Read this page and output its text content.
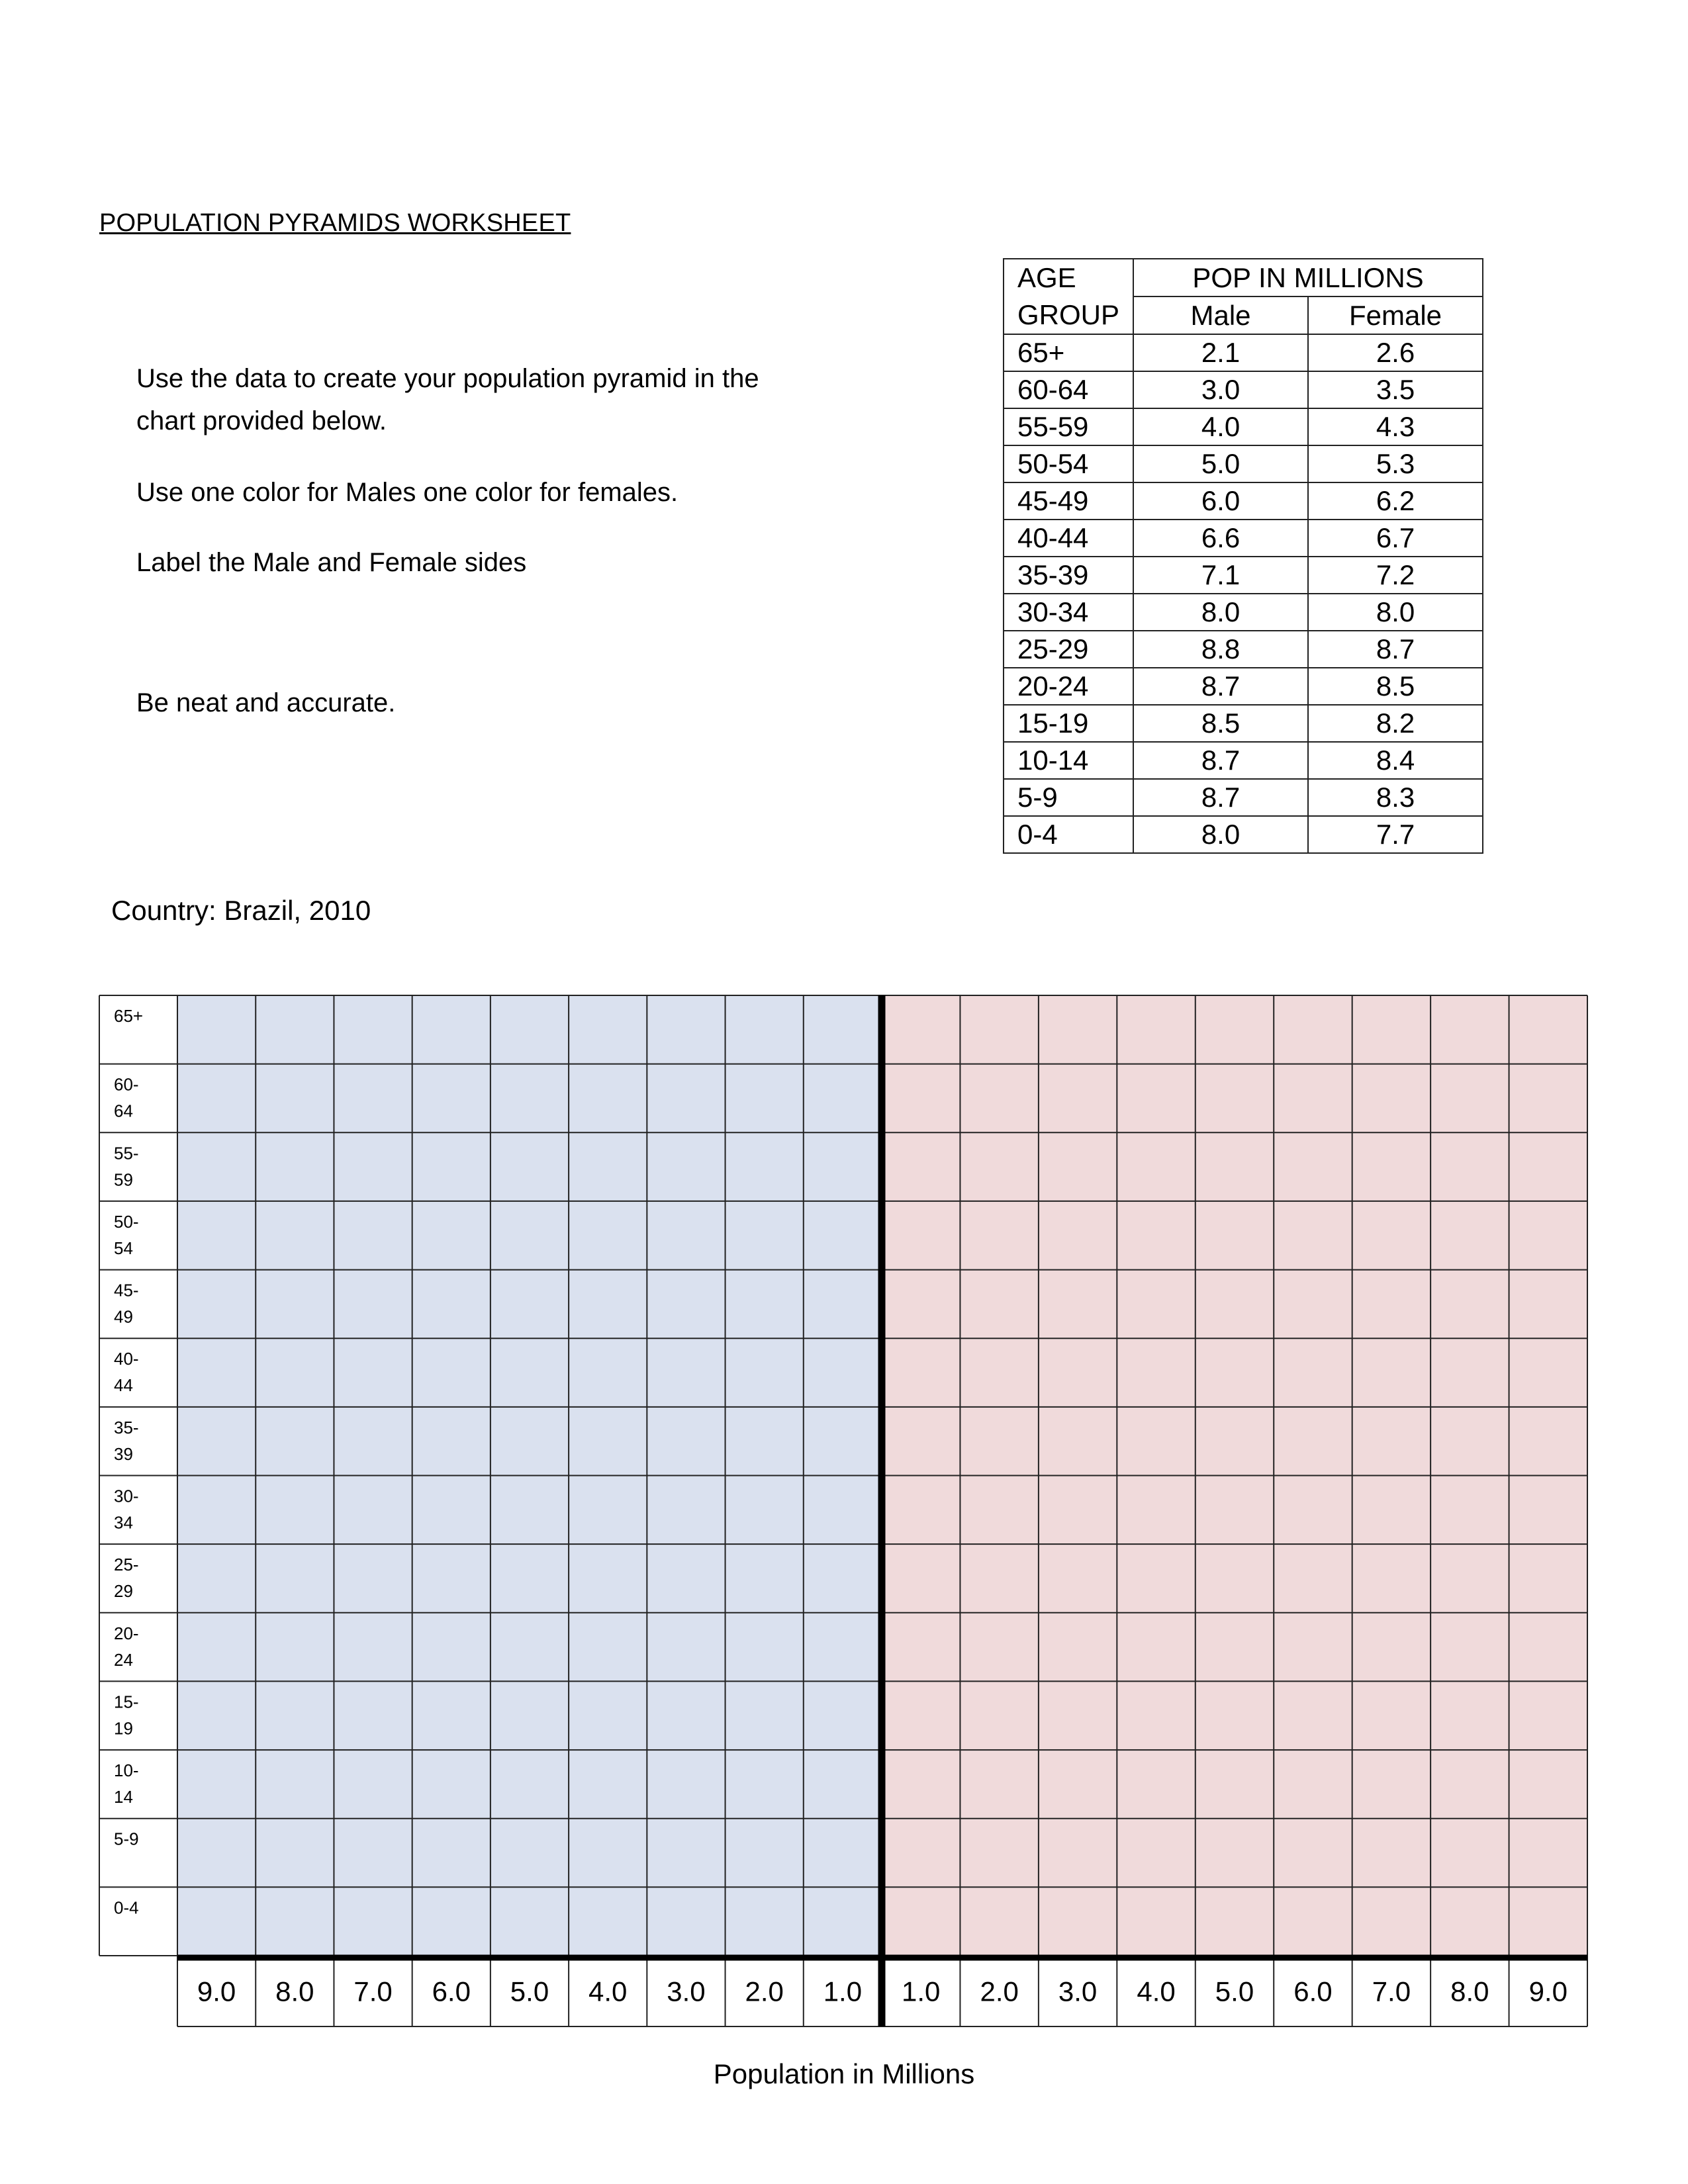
POPULATION PYRAMIDS WORKSHEET
Use the data to create your population pyramid in the
chart provided below.
Use one color for Males one color for females.
Label the Male and Female sides
Be neat and accurate.
AGE
GROUP	POP IN MILLIONS	
	Male	Female
65+	2.1	2.6
60-64	3.0	3.5
55-59	4.0	4.3
50-54	5.0	5.3
45-49	6.0	6.2
40-44	6.6	6.7
35-39	7.1	7.2
30-34	8.0	8.0
25-29	8.8	8.7
20-24	8.7	8.5
15-19	8.5	8.2
10-14	8.7	8.4
5-9	8.7	8.3
0-4	8.0	7.7
Country: Brazil, 2010
65+
60-
64
55-
59
50-
54
45-
49
40-
44
35-
39
30-
34
25-
29
20-
24
15-
19
10-
14
5-9
0-4
9.0 8.0 7.0 6.0 5.0 4.0 3.0 2.0 1.0 1.0 2.0 3.0 4.0 5.0 6.0 7.0 8.0 9.0
Population in Millions
